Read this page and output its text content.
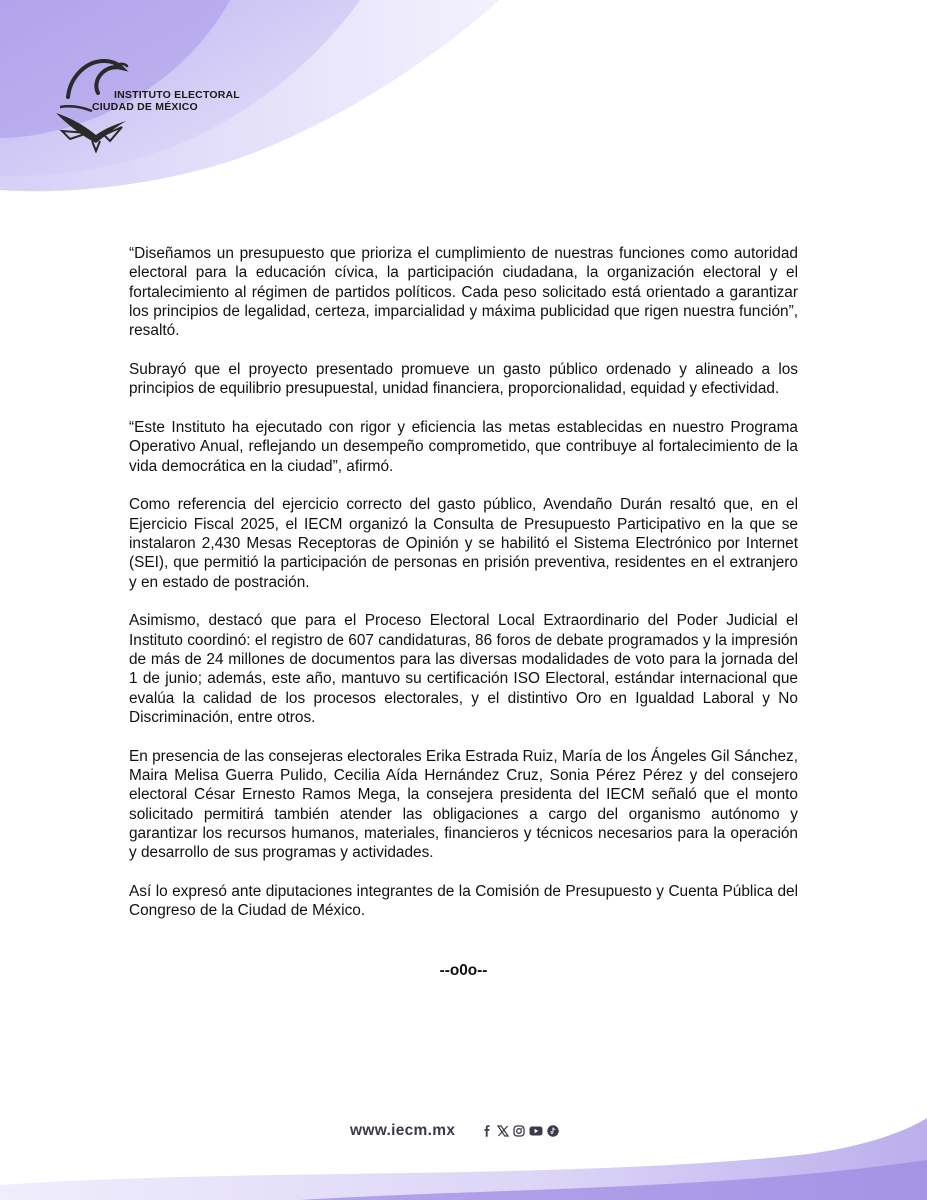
INSTITUTO ELECTORAL
CIUDAD DE MÉXICO

“Diseñamos un presupuesto que prioriza el cumplimiento de nuestras funciones como autoridad electoral para la educación cívica, la participación ciudadana, la organización electoral y el fortalecimiento al régimen de partidos políticos. Cada peso solicitado está orientado a garantizar los principios de legalidad, certeza, imparcialidad y máxima publicidad que rigen nuestra función”, resaltó.

Subrayó que el proyecto presentado promueve un gasto público ordenado y alineado a los principios de equilibrio presupuestal, unidad financiera, proporcionalidad, equidad y efectividad.

“Este Instituto ha ejecutado con rigor y eficiencia las metas establecidas en nuestro Programa Operativo Anual, reflejando un desempeño comprometido, que contribuye al fortalecimiento de la vida democrática en la ciudad”, afirmó.

Como referencia del ejercicio correcto del gasto público, Avendaño Durán resaltó que, en el Ejercicio Fiscal 2025, el IECM organizó la Consulta de Presupuesto Participativo en la que se instalaron 2,430 Mesas Receptoras de Opinión y se habilitó el Sistema Electrónico por Internet (SEI), que permitió la participación de personas en prisión preventiva, residentes en el extranjero y en estado de postración.

Asimismo, destacó que para el Proceso Electoral Local Extraordinario del Poder Judicial el Instituto coordinó: el registro de 607 candidaturas, 86 foros de debate programados y la impresión de más de 24 millones de documentos para las diversas modalidades de voto para la jornada del 1 de junio; además, este año, mantuvo su certificación ISO Electoral, estándar internacional que evalúa la calidad de los procesos electorales, y el distintivo Oro en Igualdad Laboral y No Discriminación, entre otros.

En presencia de las consejeras electorales Erika Estrada Ruiz, María de los Ángeles Gil Sánchez, Maira Melisa Guerra Pulido, Cecilia Aída Hernández Cruz, Sonia Pérez Pérez y del consejero electoral César Ernesto Ramos Mega, la consejera presidenta del IECM señaló que el monto solicitado permitirá también atender las obligaciones a cargo del organismo autónomo y garantizar los recursos humanos, materiales, financieros y técnicos necesarios para la operación y desarrollo de sus programas y actividades.

Así lo expresó ante diputaciones integrantes de la Comisión de Presupuesto y Cuenta Pública del Congreso de la Ciudad de México.

--o0o--
www.iecm.mx
